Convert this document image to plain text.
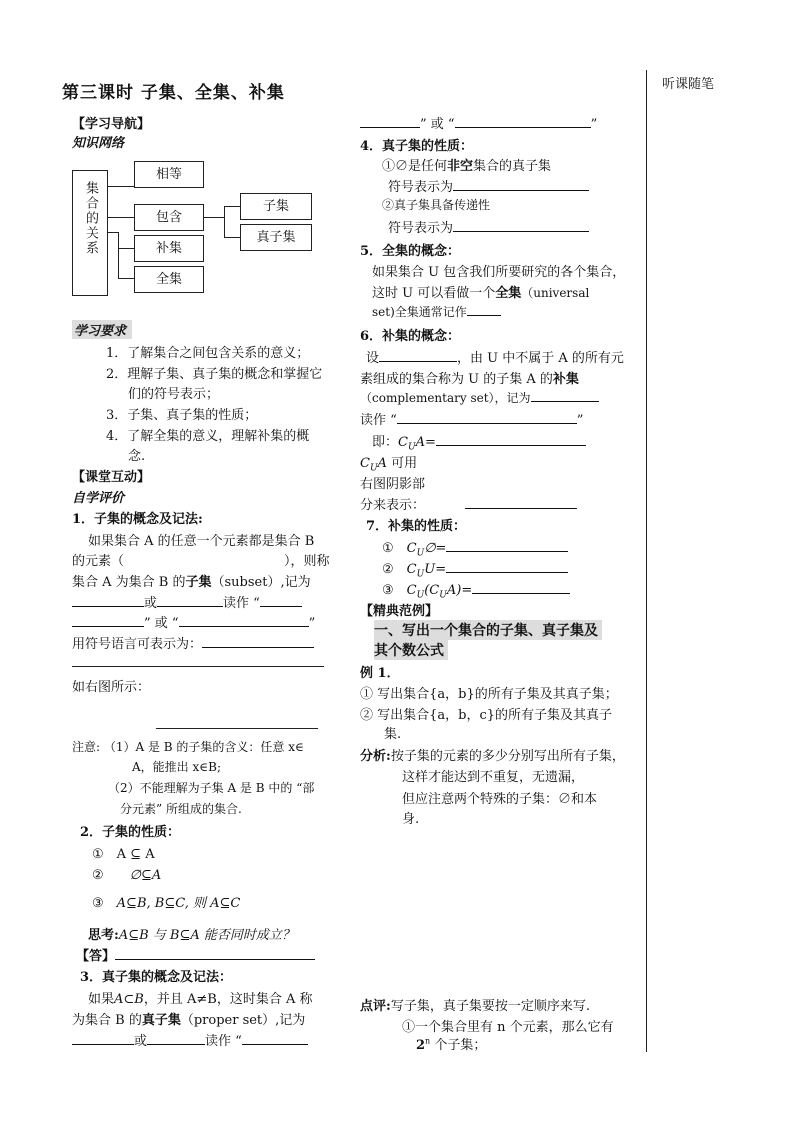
第三课时 子集、全集、补集	听课随笔
【学习导航】
知识网络
集合的关系
相等
包含
补集
全集
子集
真子集
学习要求
1．了解集合之间包含关系的意义；
2．理解子集、真子集的概念和掌握它
们的符号表示；
3．子集、真子集的性质；
4．了解全集的意义，理解补集的概
念.
【课堂互动】
自学评价
1．子集的概念及记法:
如果集合 A 的任意一个元素都是集合 B
的元素（	），则称
集合 A 为集合 B 的子集（subset）,记为
或	读作 “
” 或 “	”
用符号语言可表示为：
如右图所示：
注意: （1）A 是 B 的子集的含义：任意 x∈
A，能推出 x∈B;
（2）不能理解为子集 A 是 B 中的 “部
分元素” 所组成的集合.
2．子集的性质：
①　A ⊆ A
②　　 ∅⊆A
③　 A⊆B, B⊆C, 则 A⊆C
思考:A⊆B 与 B⊆A 能否同时成立？
【答】
3．真子集的概念及记法：
如果A⊂B，并且 A≠B，这时集合 A 称
为集合 B 的真子集（proper set）,记为
或	读作 “
” 或 “	”
4．真子集的性质：
①∅是任何非空集合的真子集
符号表示为
②真子集具备传递性
符号表示为
5．全集的概念：
如果集合 U 包含我们所要研究的各个集合，
这时 U 可以看做一个全集（universal
set)全集通常记作
6．补集的概念：
设	，由 U 中不属于 A 的所有元
素组成的集合称为 U 的子集 A 的补集
（complementary set），记为
读作 “	”
即：$C_UA=$
$C_UA$ 可用
右图阴影部
分来表示：
7．补集的性质：
①　 $C_U\emptyset=$
②　 $C_UU=$
③　 $C_U(C_UA)=$
【精典范例】
一、写出一个集合的子集、真子集及
其个数公式
例 1．
① 写出集合{a，b}的所有子集及其真子集；
② 写出集合{a，b，c}的所有子集及其真子
集.
分析:按子集的元素的多少分别写出所有子集，
这样才能达到不重复，无遗漏，
但应注意两个特殊的子集：∅和本
身.
点评:写子集，真子集要按一定顺序来写.
①一个集合里有 n 个元素，那么它有
2$^n$ 个子集；
